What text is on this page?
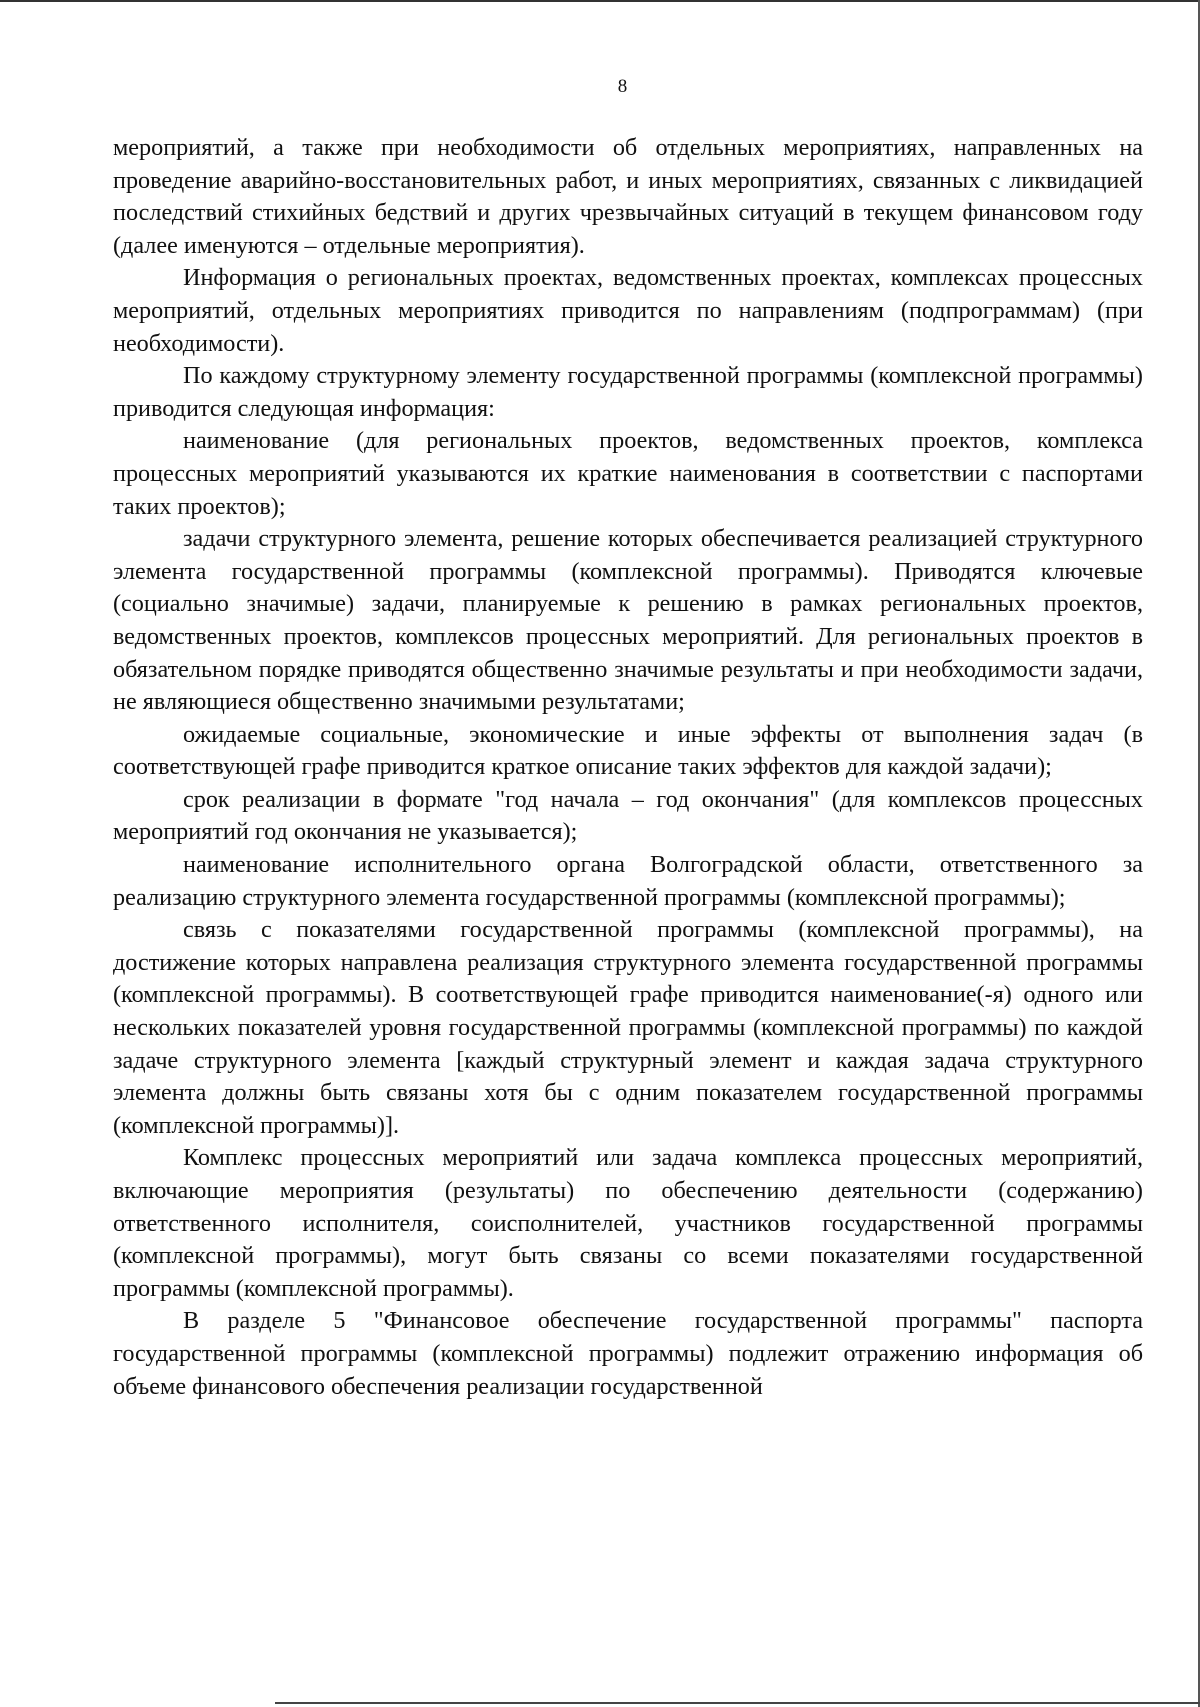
8

мероприятий, а также при необходимости об отдельных мероприятиях, направленных на проведение аварийно-восстановительных работ, и иных мероприятиях, связанных с ликвидацией последствий стихийных бедствий и других чрезвычайных ситуаций в текущем финансовом году (далее именуются – отдельные мероприятия).

Информация о региональных проектах, ведомственных проектах, комплексах процессных мероприятий, отдельных мероприятиях приводится по направлениям (подпрограммам) (при необходимости).

По каждому структурному элементу государственной программы (комплексной программы) приводится следующая информация:

наименование (для региональных проектов, ведомственных проектов, комплекса процессных мероприятий указываются их краткие наименования в соответствии с паспортами таких проектов);

задачи структурного элемента, решение которых обеспечивается реализацией структурного элемента государственной программы (комплексной программы). Приводятся ключевые (социально значимые) задачи, планируемые к решению в рамках региональных проектов, ведомственных проектов, комплексов процессных мероприятий. Для региональных проектов в обязательном порядке приводятся общественно значимые результаты и при необходимости задачи, не являющиеся общественно значимыми результатами;

ожидаемые социальные, экономические и иные эффекты от выполнения задач (в соответствующей графе приводится краткое описание таких эффектов для каждой задачи);

срок реализации в формате "год начала – год окончания" (для комплексов процессных мероприятий год окончания не указывается);

наименование исполнительного органа Волгоградской области, ответственного за реализацию структурного элемента государственной программы (комплексной программы);

связь с показателями государственной программы (комплексной программы), на достижение которых направлена реализация структурного элемента государственной программы (комплексной программы). В соответствующей графе приводится наименование(-я) одного или нескольких показателей уровня государственной программы (комплексной программы) по каждой задаче структурного элемента [каждый структурный элемент и каждая задача структурного элемента должны быть связаны хотя бы с одним показателем государственной программы (комплексной программы)].

Комплекс процессных мероприятий или задача комплекса процессных мероприятий, включающие мероприятия (результаты) по обеспечению деятельности (содержанию) ответственного исполнителя, соисполнителей, участников государственной программы (комплексной программы), могут быть связаны со всеми показателями государственной программы (комплексной программы).

В разделе 5 "Финансовое обеспечение государственной программы" паспорта государственной программы (комплексной программы) подлежит отражению информация об объеме финансового обеспечения реализации государственной
